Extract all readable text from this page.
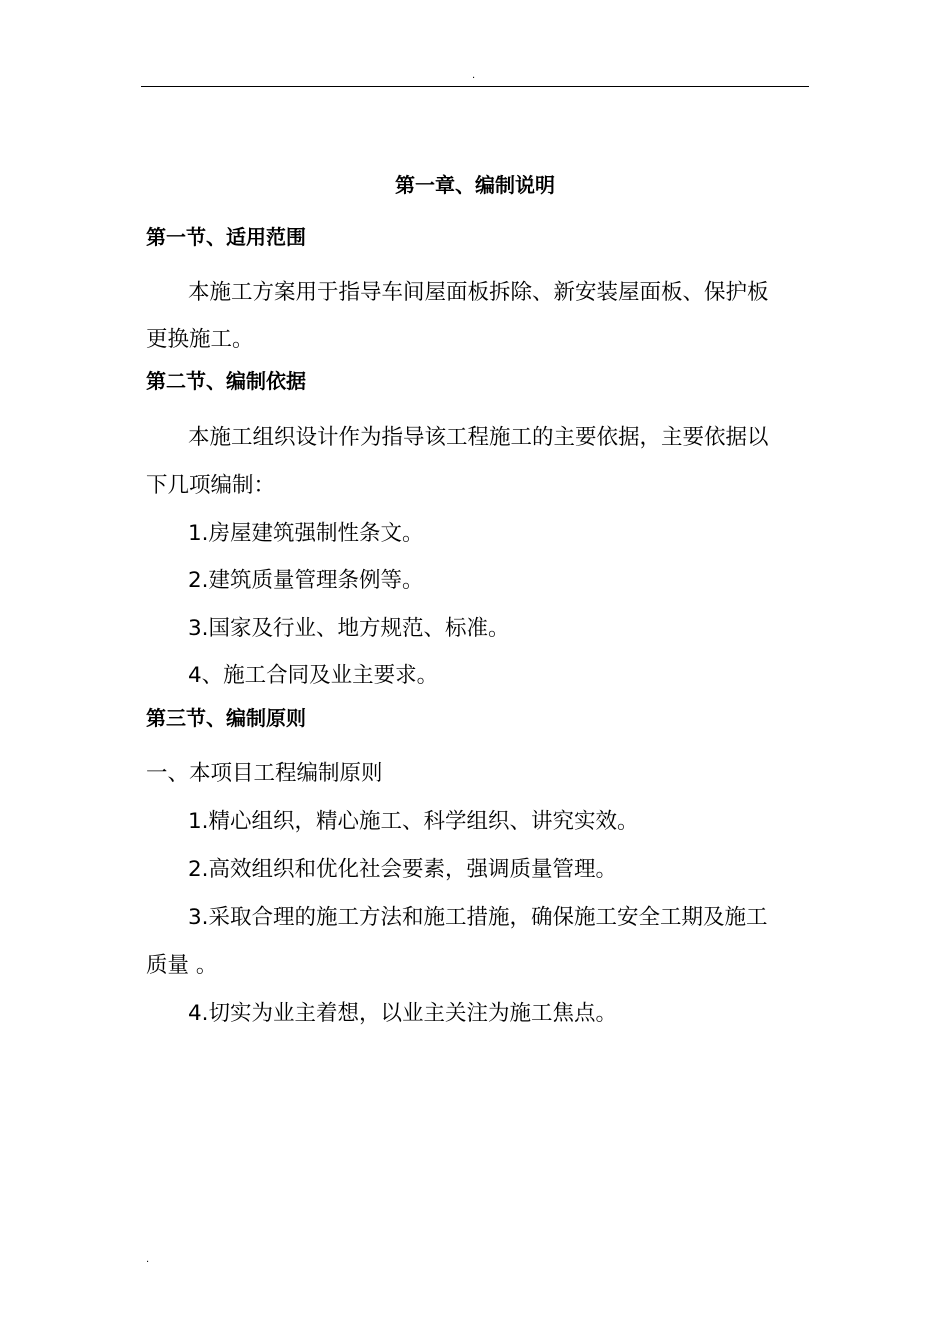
.
第一章、编制说明
第一节、适用范围
本施工方案用于指导车间屋面板拆除、新安装屋面板、保护板
更换施工。
第二节、编制依据
本施工组织设计作为指导该工程施工的主要依据，主要依据以
下几项编制：
1.房屋建筑强制性条文。
2.建筑质量管理条例等。
3.国家及行业、地方规范、标准。
4、施工合同及业主要求。
第三节、编制原则
一、本项目工程编制原则
1.精心组织，精心施工、科学组织、讲究实效。
2.高效组织和优化社会要素，强调质量管理。
3.采取合理的施工方法和施工措施，确保施工安全工期及施工
质量 。
4.切实为业主着想，以业主关注为施工焦点。
.
